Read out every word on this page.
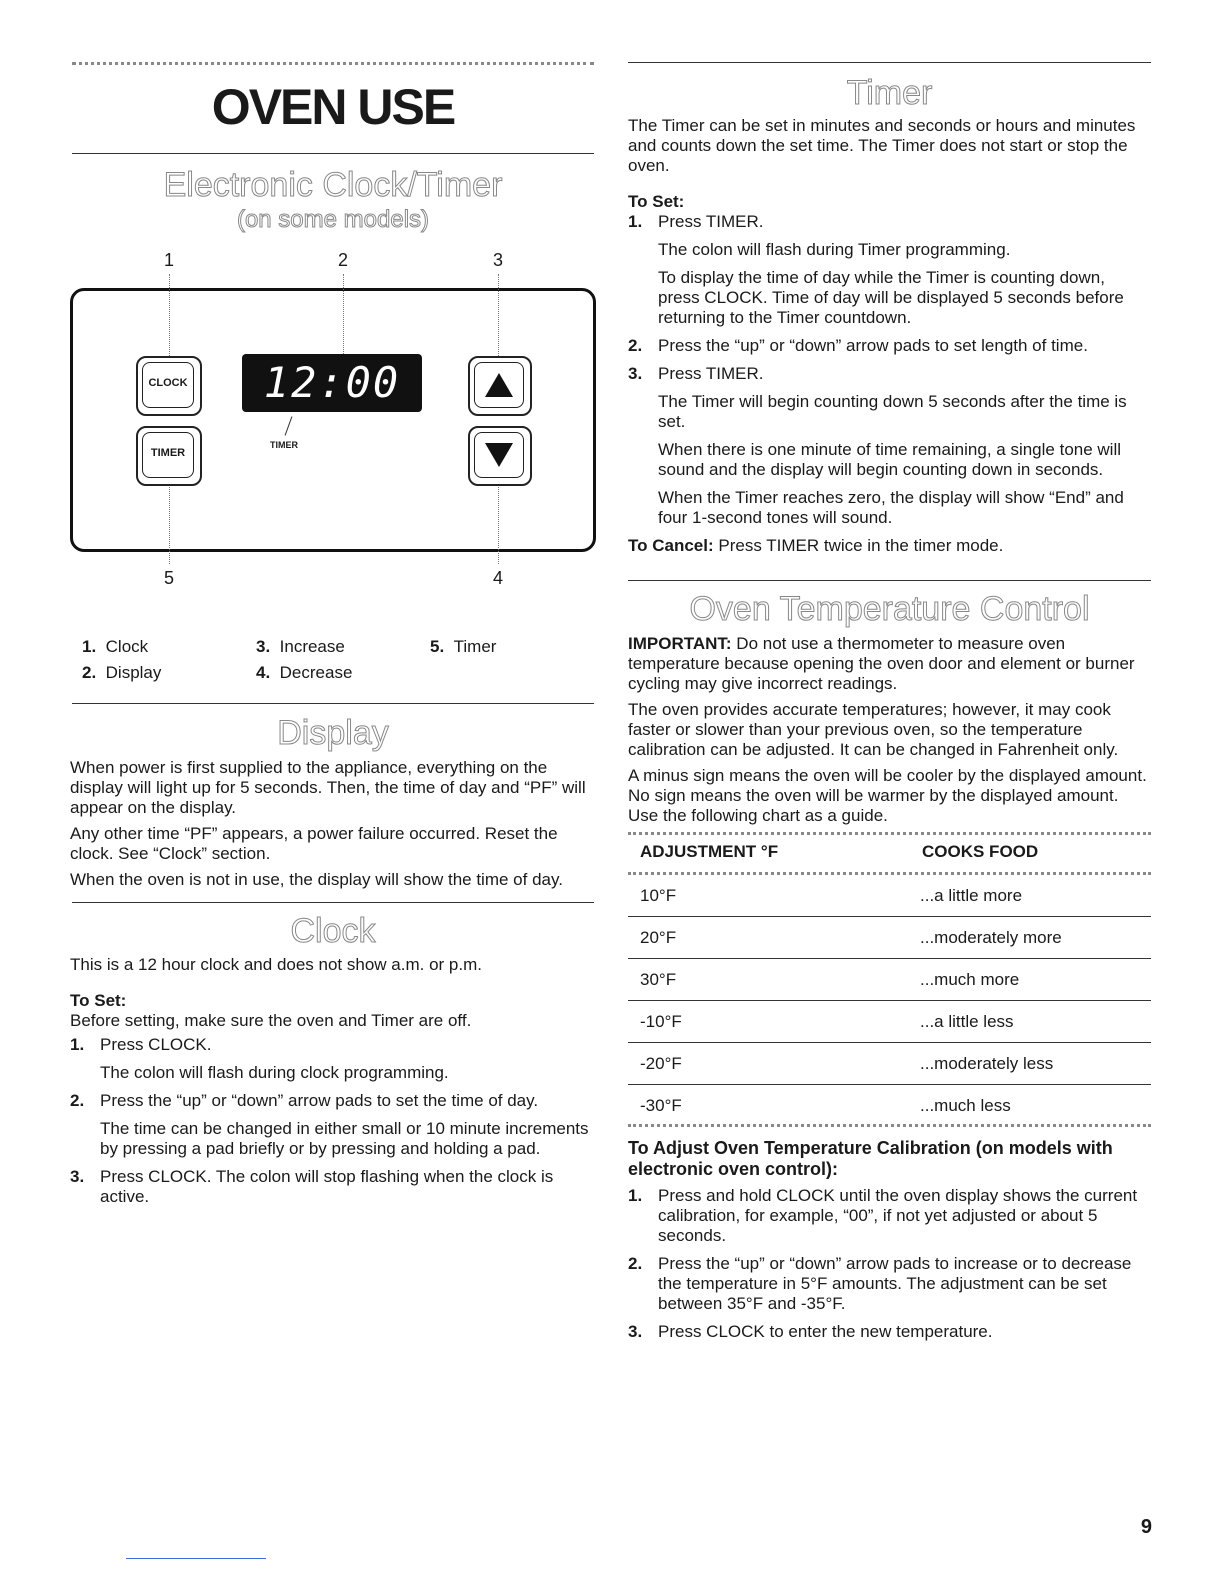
OVEN USE
Electronic Clock/Timer
(on some models)
1	2	3
5	4
CLOCK
TIMER
12:00
TIMER
1. Clock
2. Display
3. Increase
4. Decrease
5. Timer
Display

When power is first supplied to the appliance, everything on the display will light up for 5 seconds. Then, the time of day and “PF” will appear on the display.

Any other time “PF” appears, a power failure occurred. Reset the clock. See “Clock” section.

When the oven is not in use, the display will show the time of day.

Clock

This is a 12 hour clock and does not show a.m. or p.m.

To Set:

Before setting, make sure the oven and Timer are off.

1. Press CLOCK.

The colon will flash during clock programming.

2. Press the “up” or “down” arrow pads to set the time of day.

The time can be changed in either small or 10 minute increments by pressing a pad briefly or by pressing and holding a pad.

3. Press CLOCK. The colon will stop flashing when the clock is active.

Timer

The Timer can be set in minutes and seconds or hours and minutes and counts down the set time. The Timer does not start or stop the oven.

To Set:
1. Press TIMER.

The colon will flash during Timer programming.

To display the time of day while the Timer is counting down, press CLOCK. Time of day will be displayed 5 seconds before returning to the Timer countdown.

2. Press the “up” or “down” arrow pads to set length of time.

3. Press TIMER.

The Timer will begin counting down 5 seconds after the time is set.

When there is one minute of time remaining, a single tone will sound and the display will begin counting down in seconds.

When the Timer reaches zero, the display will show “End” and four 1-second tones will sound.

To Cancel: Press TIMER twice in the timer mode.

Oven Temperature Control

IMPORTANT: Do not use a thermometer to measure oven temperature because opening the oven door and element or burner cycling may give incorrect readings.

The oven provides accurate temperatures; however, it may cook faster or slower than your previous oven, so the temperature calibration can be adjusted. It can be changed in Fahrenheit only.

A minus sign means the oven will be cooler by the displayed amount. No sign means the oven will be warmer by the displayed amount. Use the following chart as a guide.

ADJUSTMENT °F	COOKS FOOD
10°F	...a little more
20°F	...moderately more
30°F	...much more
-10°F	...a little less
-20°F	...moderately less
-30°F	...much less
To Adjust Oven Temperature Calibration (on models with electronic oven control):
1. Press and hold CLOCK until the oven display shows the current calibration, for example, “00”, if not yet adjusted or about 5 seconds.

2. Press the “up” or “down” arrow pads to increase or to decrease the temperature in 5°F amounts. The adjustment can be set between 35°F and -35°F.

3. Press CLOCK to enter the new temperature.

9
